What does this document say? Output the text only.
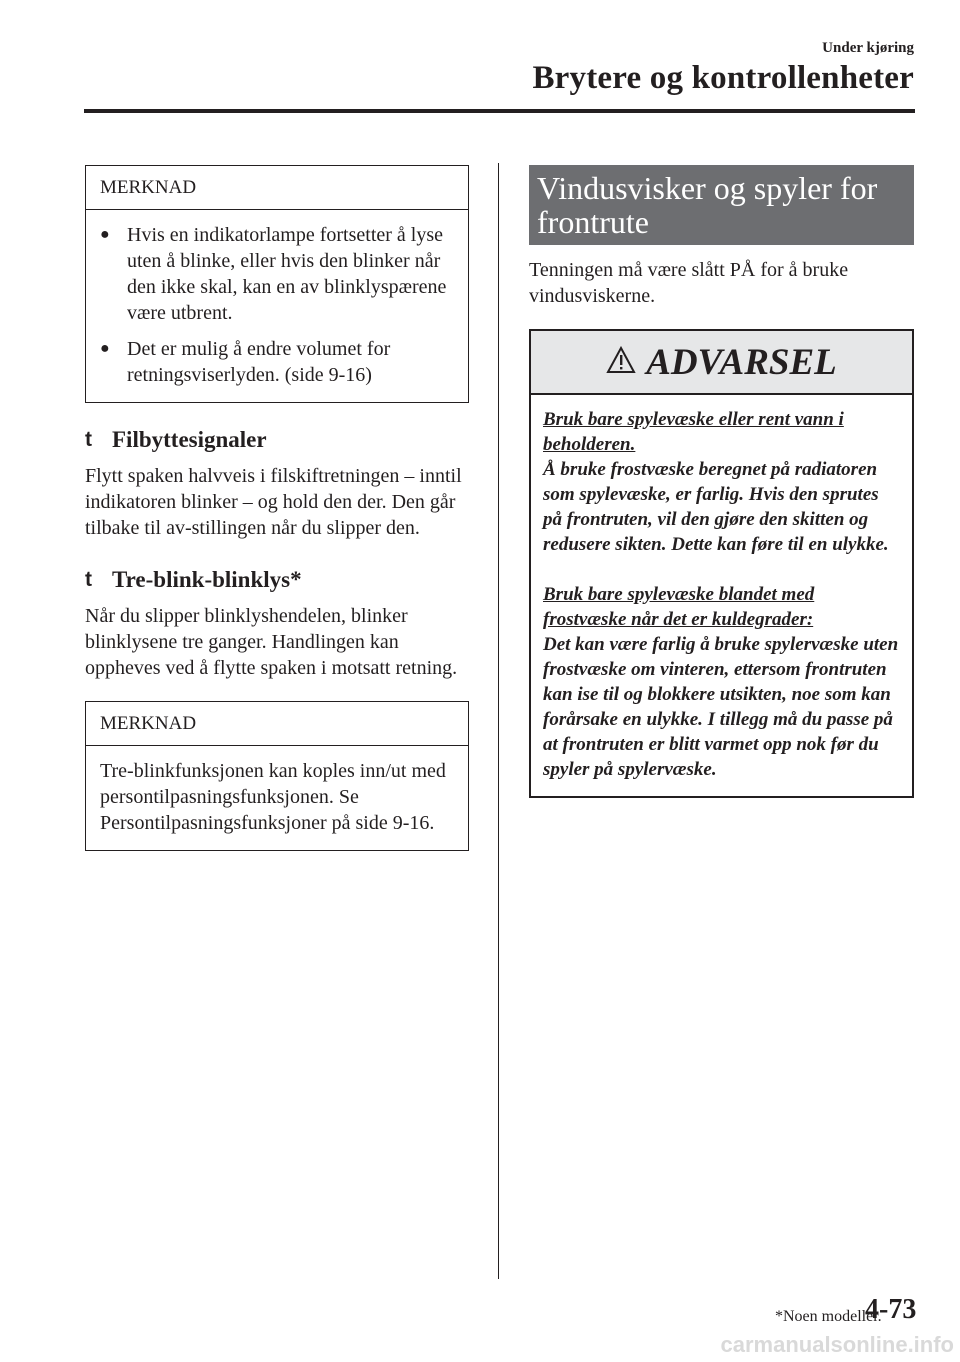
Under kjøring
Brytere og kontrollenheter
MERKNAD
● Hvis en indikatorlampe fortsetter å lyse uten å blinke, eller hvis den blinker når den ikke skal, kan en av blinklyspærene være utbrent.
● Det er mulig å endre volumet for retningsviserlyden. (side 9-16)
t Filbyttesignaler

Flytt spaken halvveis i filskiftretningen – inntil indikatoren blinker – og hold den der. Den går tilbake til av-stillingen når du slipper den.

t Tre-blink-blinklys*

Når du slipper blinklyshendelen, blinker blinklysene tre ganger. Handlingen kan oppheves ved å flytte spaken i motsatt retning.

MERKNAD
Tre-blinkfunksjonen kan koples inn/ut med persontilpasningsfunksjonen. Se Persontilpasningsfunksjoner på side 9-16.
Vindusvisker og spyler for frontrute

Tenningen må være slått PÅ for å bruke vindusviskerne.

ADVARSEL
Bruk bare spylevæske eller rent vann i beholderen.
Å bruke frostvæske beregnet på radiatoren som spylevæske, er farlig. Hvis den sprutes på frontruten, vil den gjøre den skitten og redusere sikten. Dette kan føre til en ulykke.
Bruk bare spylevæske blandet med frostvæske når det er kuldegrader:
Det kan være farlig å bruke spylervæske uten frostvæske om vinteren, ettersom frontruten kan ise til og blokkere utsikten, noe som kan forårsake en ulykke. I tillegg må du passe på at frontruten er blitt varmet opp nok før du spyler på spylervæske.
*Noen modeller.
4-73
carmanualsonline.info
